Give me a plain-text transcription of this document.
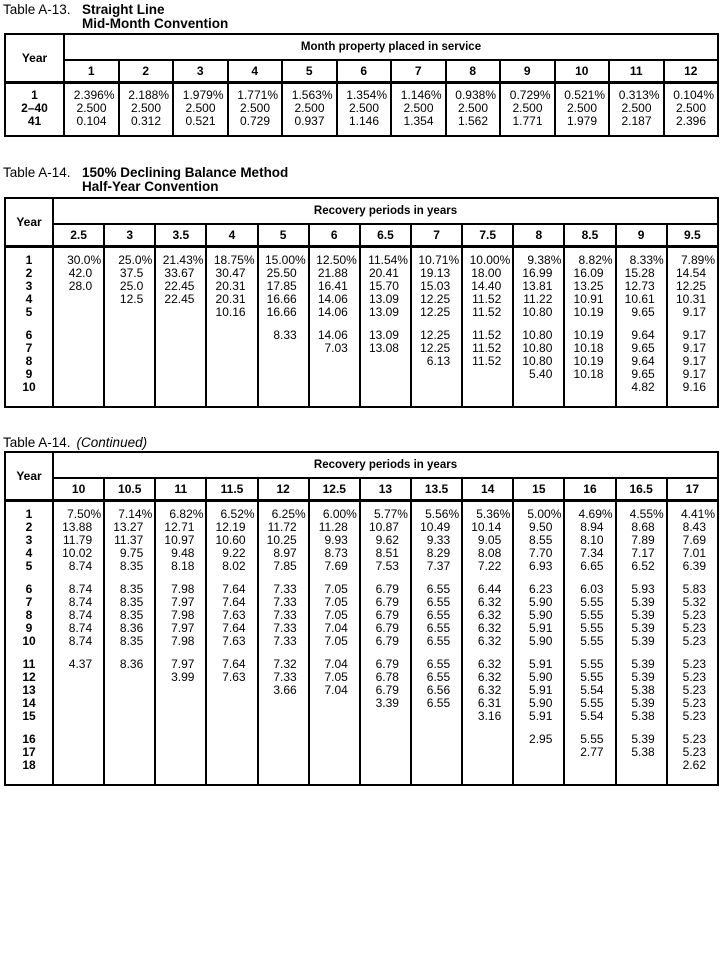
Table A-13. Straight Line
Mid-Month Convention
Year	Month property placed in service											
	1	2	3	4	5	6	7	8	9	10	11	12
1	2.396%	2.188%	1.979%	1.771%	1.563%	1.354%	1.146%	0.938%	0.729%	0.521%	0.313%	0.104%
2–40	2.500	2.500	2.500	2.500	2.500	2.500	2.500	2.500	2.500	2.500	2.500	2.500
41	0.104	0.312	0.521	0.729	0.937	1.146	1.354	1.562	1.771	1.979	2.187	2.396
Table A-14. 150% Declining Balance Method
Half-Year Convention
Year	Recovery periods in years												
	2.5	3	3.5	4	5	6	6.5	7	7.5	8	8.5	9	9.5
1	30.0%	25.0%	21.43%	18.75%	15.00%	12.50%	11.54%	10.71%	10.00%	9.38%	8.82%	8.33%	7.89%
2	42.0	37.5	33.67	30.47	25.50	21.88	20.41	19.13	18.00	16.99	16.09	15.28	14.54
3	28.0	25.0	22.45	20.31	17.85	16.41	15.70	15.03	14.40	13.81	13.25	12.73	12.25
4		12.5	22.45	20.31	16.66	14.06	13.09	12.25	11.52	11.22	10.91	10.61	10.31
5				10.16	16.66	14.06	13.09	12.25	11.52	10.80	10.19	9.65	9.17
6					8.33	14.06	13.09	12.25	11.52	10.80	10.19	9.64	9.17
7						7.03	13.08	12.25	11.52	10.80	10.18	9.65	9.17
8								6.13	11.52	10.80	10.19	9.64	9.17
9										5.40	10.18	9.65	9.17
10												4.82	9.16
Table A-14. (Continued)
Year	Recovery periods in years												
	10	10.5	11	11.5	12	12.5	13	13.5	14	15	16	16.5	17
1	7.50%	7.14%	6.82%	6.52%	6.25%	6.00%	5.77%	5.56%	5.36%	5.00%	4.69%	4.55%	4.41%
2	13.88	13.27	12.71	12.19	11.72	11.28	10.87	10.49	10.14	9.50	8.94	8.68	8.43
3	11.79	11.37	10.97	10.60	10.25	9.93	9.62	9.33	9.05	8.55	8.10	7.89	7.69
4	10.02	9.75	9.48	9.22	8.97	8.73	8.51	8.29	8.08	7.70	7.34	7.17	7.01
5	8.74	8.35	8.18	8.02	7.85	7.69	7.53	7.37	7.22	6.93	6.65	6.52	6.39
6	8.74	8.35	7.98	7.64	7.33	7.05	6.79	6.55	6.44	6.23	6.03	5.93	5.83
7	8.74	8.35	7.97	7.64	7.33	7.05	6.79	6.55	6.32	5.90	5.55	5.39	5.32
8	8.74	8.35	7.98	7.63	7.33	7.05	6.79	6.55	6.32	5.90	5.55	5.39	5.23
9	8.74	8.36	7.97	7.64	7.33	7.04	6.79	6.55	6.32	5.91	5.55	5.39	5.23
10	8.74	8.35	7.98	7.63	7.33	7.05	6.79	6.55	6.32	5.90	5.55	5.39	5.23
11	4.37	8.36	7.97	7.64	7.32	7.04	6.79	6.55	6.32	5.91	5.55	5.39	5.23
12			3.99	7.63	7.33	7.05	6.78	6.55	6.32	5.90	5.55	5.39	5.23
13					3.66	7.04	6.79	6.56	6.32	5.91	5.54	5.38	5.23
14							3.39	6.55	6.31	5.90	5.55	5.39	5.23
15									3.16	5.91	5.54	5.38	5.23
16										2.95	5.55	5.39	5.23
17											2.77	5.38	5.23
18													2.62
